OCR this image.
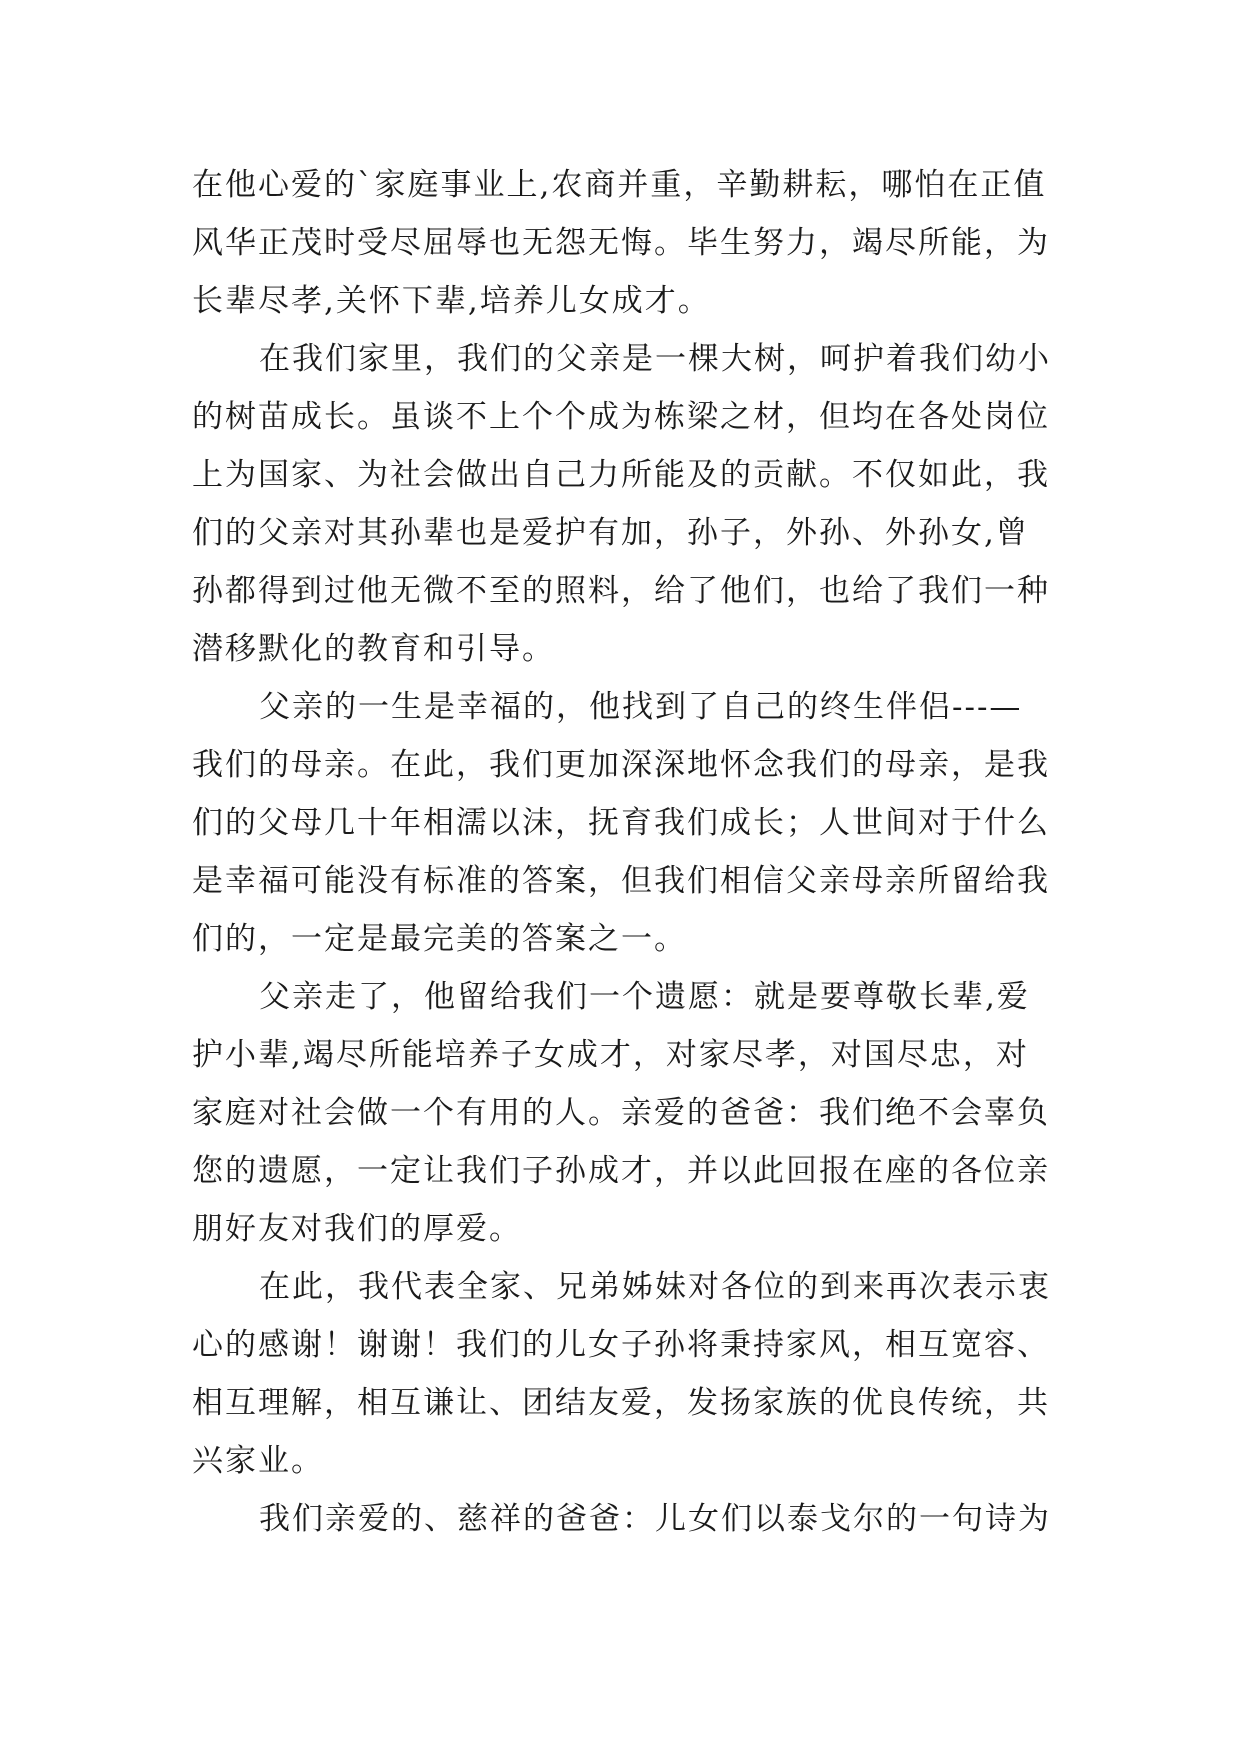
在他心爱的`家庭事业上,农商并重，辛勤耕耘，哪怕在正值
风华正茂时受尽屈辱也无怨无悔。毕生努力，竭尽所能，为
长辈尽孝,关怀下辈,培养儿女成才。
在我们家里，我们的父亲是一棵大树，呵护着我们幼小
的树苗成长。虽谈不上个个成为栋梁之材，但均在各处岗位
上为国家、为社会做出自己力所能及的贡献。不仅如此，我
们的父亲对其孙辈也是爱护有加，孙子，外孙、外孙女,曾
孙都得到过他无微不至的照料，给了他们，也给了我们一种
潜移默化的教育和引导。
父亲的一生是幸福的，他找到了自己的终生伴侣---—
我们的母亲。在此，我们更加深深地怀念我们的母亲，是我
们的父母几十年相濡以沫，抚育我们成长；人世间对于什么
是幸福可能没有标准的答案，但我们相信父亲母亲所留给我
们的，一定是最完美的答案之一。
父亲走了，他留给我们一个遗愿：就是要尊敬长辈,爱
护小辈,竭尽所能培养子女成才，对家尽孝，对国尽忠，对
家庭对社会做一个有用的人。亲爱的爸爸：我们绝不会辜负
您的遗愿，一定让我们子孙成才，并以此回报在座的各位亲
朋好友对我们的厚爱。
在此，我代表全家、兄弟姊妹对各位的到来再次表示衷
心的感谢！谢谢！我们的儿女子孙将秉持家风，相互宽容、
相互理解，相互谦让、团结友爱，发扬家族的优良传统，共
兴家业。
我们亲爱的、慈祥的爸爸：儿女们以泰戈尔的一句诗为
